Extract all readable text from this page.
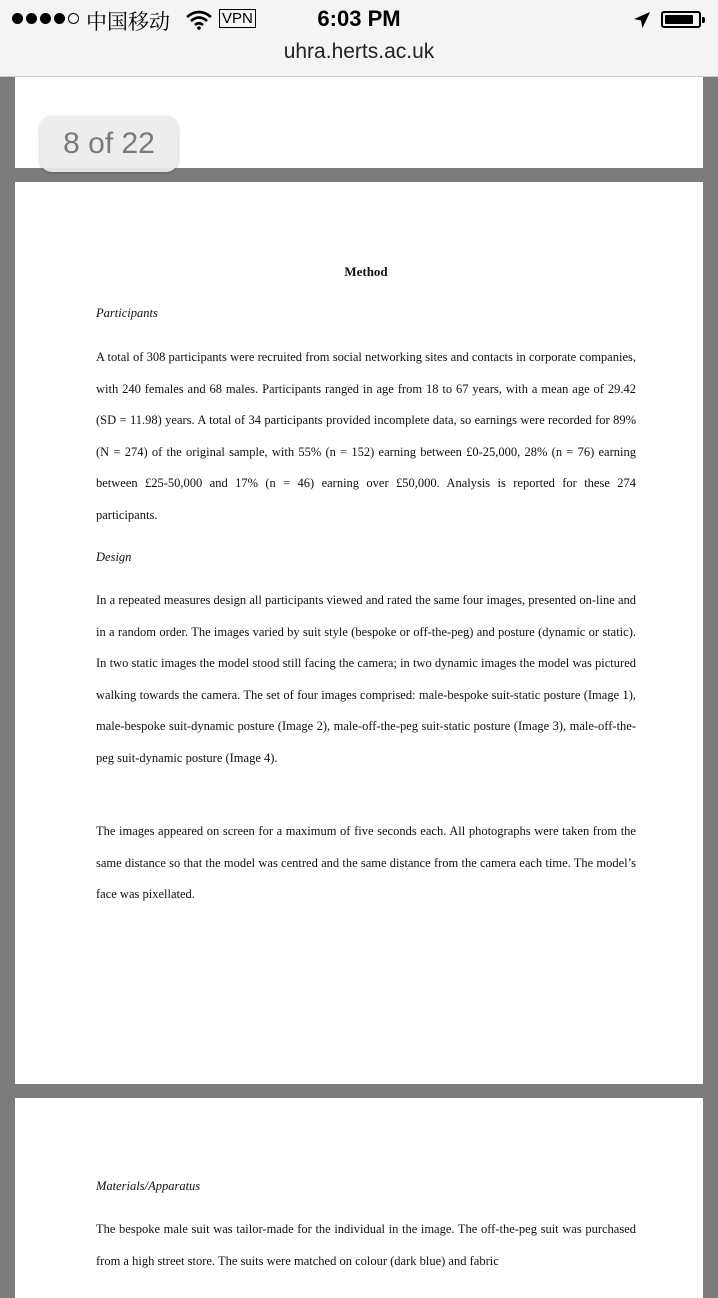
中国移动	VPN	6:03 PM
uhra.herts.ac.uk
Method
Participants

A total of 308 participants were recruited from social networking sites and contacts in corporate companies, with 240 females and 68 males. Participants ranged in age from 18 to 67 years, with a mean age of 29.42 (SD = 11.98) years. A total of 34 participants provided incomplete data, so earnings were recorded for 89% (N = 274) of the original sample, with 55% (n = 152) earning between £0-25,000, 28% (n = 76) earning between £25-50,000 and 17% (n = 46) earning over £50,000. Analysis is reported for these 274 participants.

Design

In a repeated measures design all participants viewed and rated the same four images, presented on-line and in a random order. The images varied by suit style (bespoke or off-the-peg) and posture (dynamic or static). In two static images the model stood still facing the camera; in two dynamic images the model was pictured walking towards the camera. The set of four images comprised: male-bespoke suit-static posture (Image 1), male-bespoke suit-dynamic posture (Image 2), male-off-the-peg suit-static posture (Image 3), male-off-the-peg suit-dynamic posture (Image 4).

The images appeared on screen for a maximum of five seconds each. All photographs were taken from the same distance so that the model was centred and the same distance from the camera each time. The model’s face was pixellated.

Materials/Apparatus

The bespoke male suit was tailor-made for the individual in the image. The off-the-peg suit was purchased from a high street store. The suits were matched on colour (dark blue) and fabric

8 of 22
